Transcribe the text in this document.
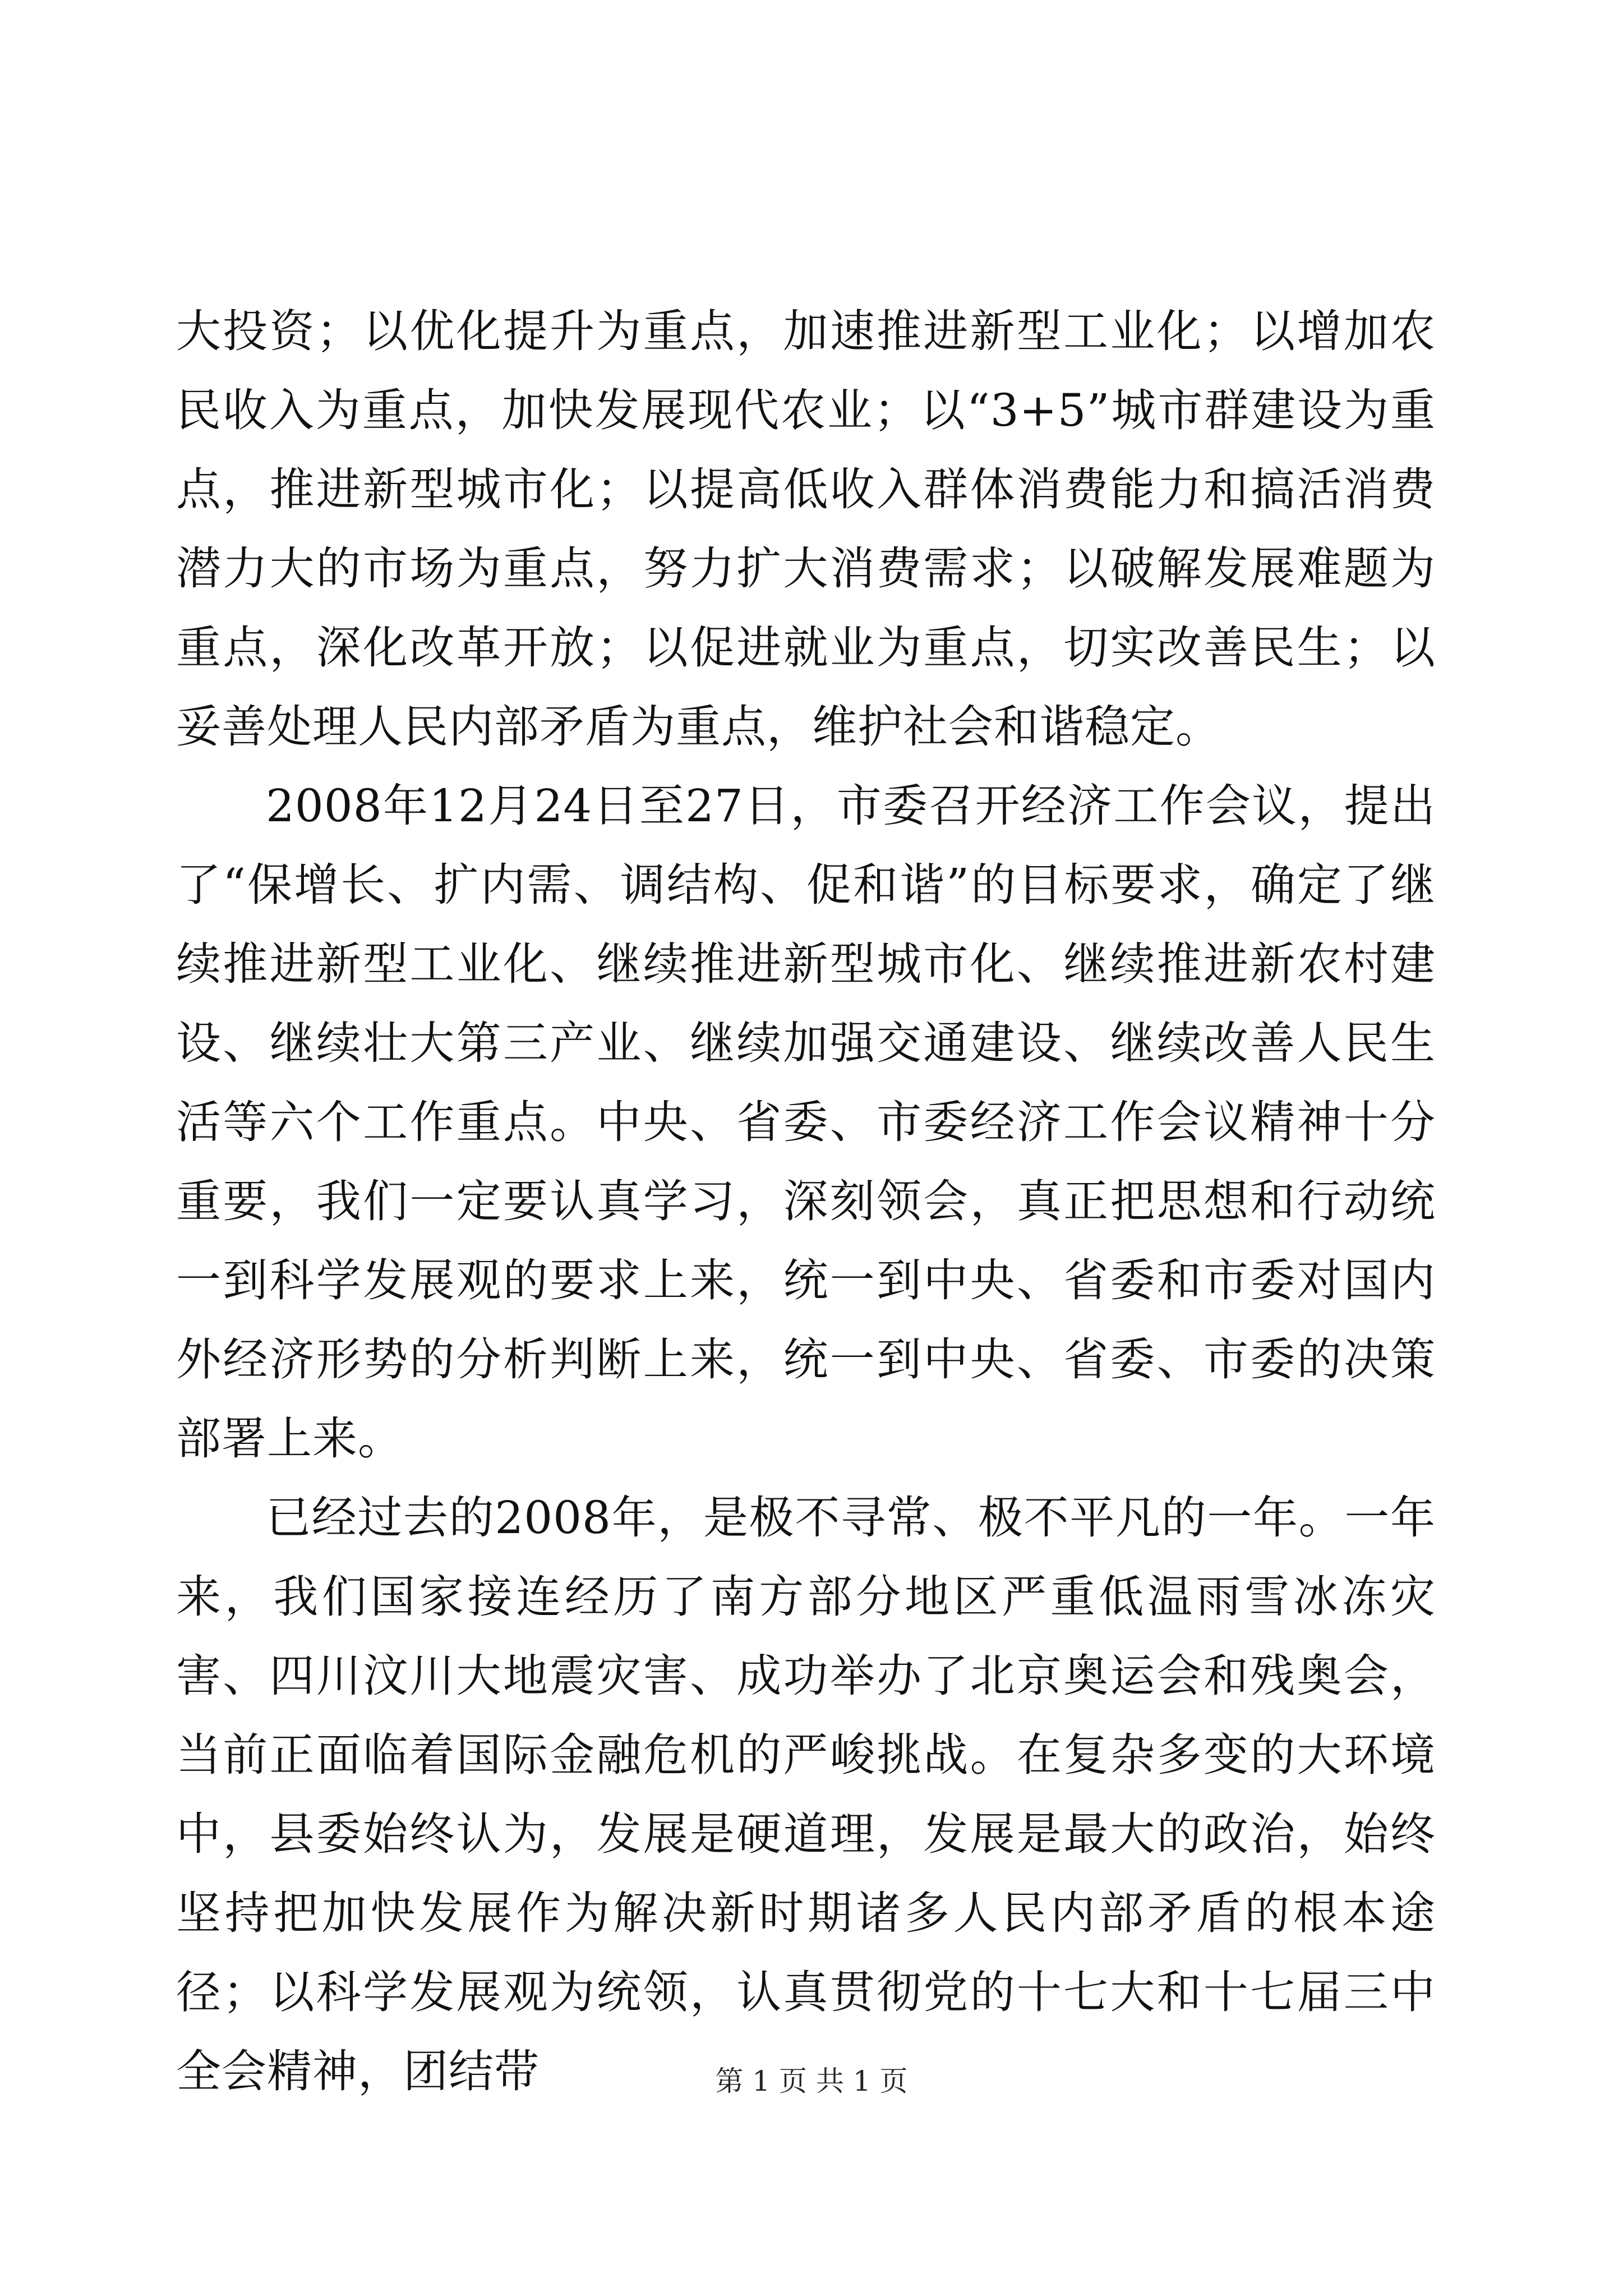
大投资；以优化提升为重点，加速推进新型工业化；以增加农民收入为重点，加快发展现代农业；以“3+5”城市群建设为重点，推进新型城市化；以提高低收入群体消费能力和搞活消费潜力大的市场为重点，努力扩大消费需求；以破解发展难题为重点，深化改革开放；以促进就业为重点，切实改善民生；以妥善处理人民内部矛盾为重点，维护社会和谐稳定。

2008年12月24日至27日，市委召开经济工作会议，提出了“保增长、扩内需、调结构、促和谐”的目标要求，确定了继续推进新型工业化、继续推进新型城市化、继续推进新农村建设、继续壮大第三产业、继续加强交通建设、继续改善人民生活等六个工作重点。中央、省委、市委经济工作会议精神十分重要，我们一定要认真学习，深刻领会，真正把思想和行动统一到科学发展观的要求上来，统一到中央、省委和市委对国内外经济形势的分析判断上来，统一到中央、省委、市委的决策部署上来。

已经过去的2008年，是极不寻常、极不平凡的一年。一年来，我们国家接连经历了南方部分地区严重低温雨雪冰冻灾害、四川汶川大地震灾害、成功举办了北京奥运会和残奥会，当前正面临着国际金融危机的严峻挑战。在复杂多变的大环境中，县委始终认为，发展是硬道理，发展是最大的政治，始终坚持把加快发展作为解决新时期诸多人民内部矛盾的根本途径；以科学发展观为统领，认真贯彻党的十七大和十七届三中全会精神，团结带	第 1 页 共 1 页
